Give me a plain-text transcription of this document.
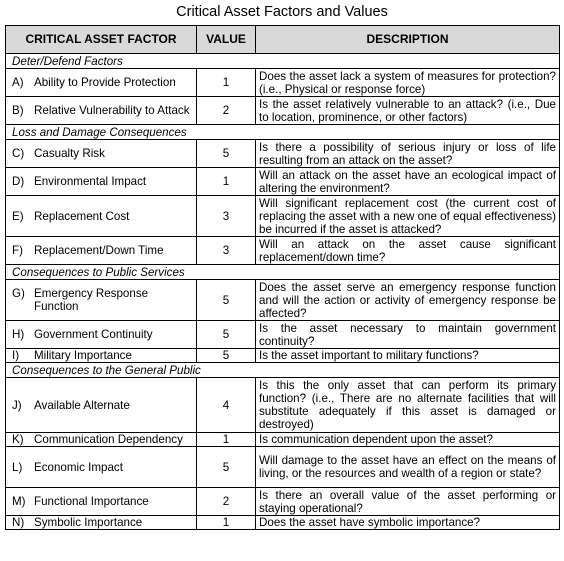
Critical Asset Factors and Values
CRITICAL ASSET FACTOR	VALUE	DESCRIPTION
Deter/Defend Factors		

A) Ability to Provide Protection	1	Does the asset lack a system of measures for protection? (i.e., Physical or response force)

B) Relative Vulnerability to Attack	2	Is the asset relatively vulnerable to an attack? (i.e., Due to location, prominence, or other factors)
Loss and Damage Consequences		

C) Casualty Risk	5	Is there a possibility of serious injury or loss of life resulting from an attack on the asset?

D) Environmental Impact	1	Will an attack on the asset have an ecological impact of altering the environment?

E) Replacement Cost	3	Will significant replacement cost (the current cost of replacing the asset with a new one of equal effectiveness) be incurred if the asset is attacked?

F) Replacement/Down Time	3	Will an attack on the asset cause significant replacement/down time?
Consequences to Public Services		

G) Emergency Response Function	5	Does the asset serve an emergency response function and will the action or activity of emergency response be affected?

H) Government Continuity	5	Is the asset necessary to maintain government continuity?

I) Military Importance	5	Is the asset important to military functions?
Consequences to the General Public		

J) Available Alternate	4	Is this the only asset that can perform its primary function? (i.e., There are no alternate facilities that will substitute adequately if this asset is damaged or destroyed)

K) Communication Dependency	1	Is communication dependent upon the asset?

L) Economic Impact	5	Will damage to the asset have an effect on the means of living, or the resources and wealth of a region or state?

M) Functional Importance	2	Is there an overall value of the asset performing or staying operational?

N) Symbolic Importance	1	Does the asset have symbolic importance?
